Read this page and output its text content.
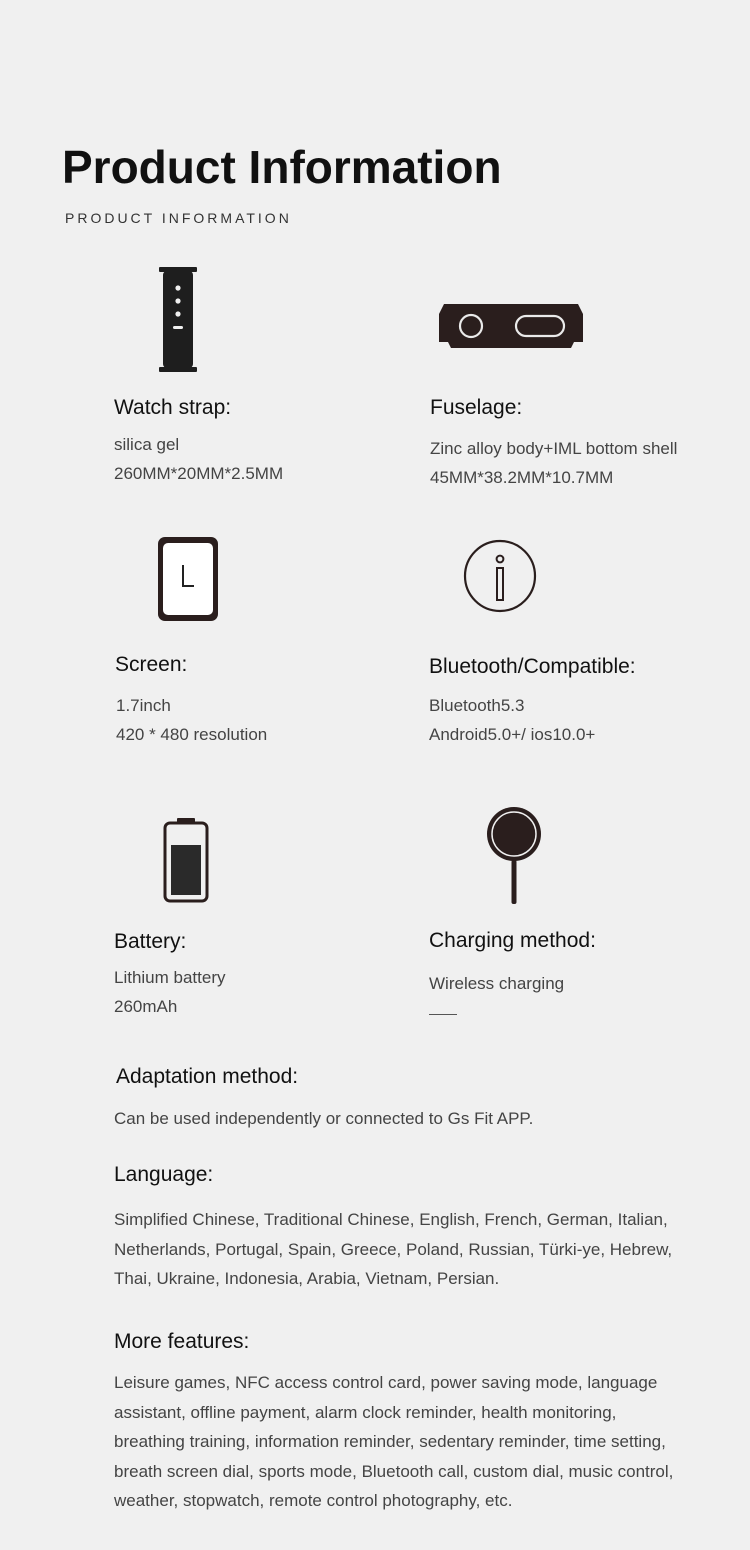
Product Information
PRODUCT INFORMATION
Watch strap:
silica gel
260MM*20MM*2.5MM
Fuselage:
Zinc alloy body+IML bottom shell
45MM*38.2MM*10.7MM
Screen:
1.7inch
420 * 480 resolution
Bluetooth/Compatible:
Bluetooth5.3
Android5.0+/ ios10.0+
Battery:
Lithium battery
260mAh
Charging method:
Wireless charging
Adaptation method:
Can be used independently or connected to Gs Fit APP.
Language:
Simplified Chinese, Traditional Chinese, English, French, German, Italian, Netherlands, Portugal, Spain, Greece, Poland, Russian, Türki-ye, Hebrew, Thai, Ukraine, Indonesia, Arabia, Vietnam, Persian.
More features:
Leisure games, NFC access control card, power saving mode, language assistant, offline payment, alarm clock reminder, health monitoring, breathing training, information reminder, sedentary reminder, time setting, breath screen dial, sports mode, Bluetooth call, custom dial, music control, weather, stopwatch, remote control photography, etc.
